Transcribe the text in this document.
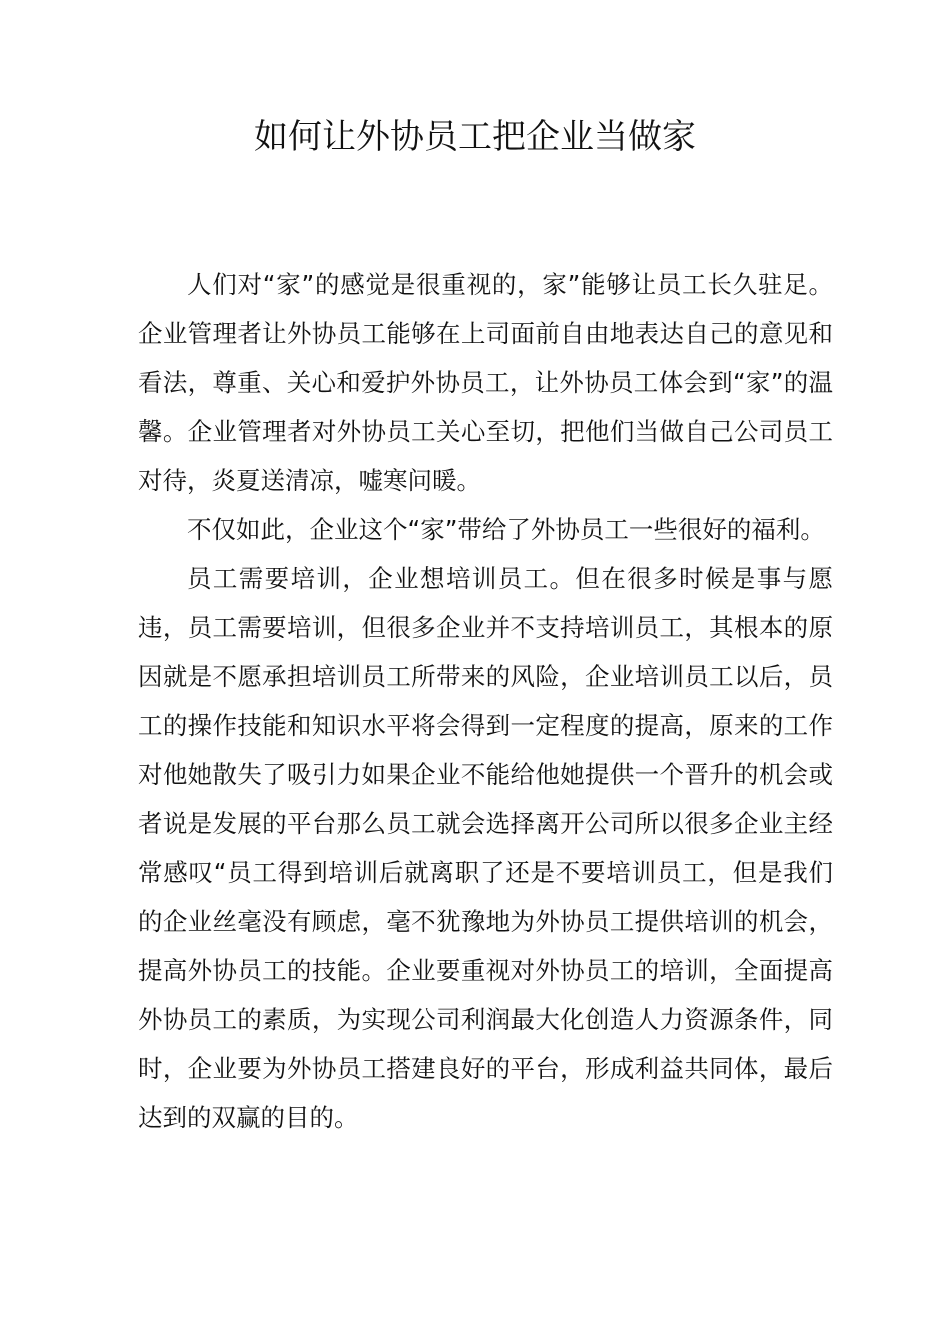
如何让外协员工把企业当做家

人们对“家”的感觉是很重视的，家”能够让员工长久驻足。企业管理者让外协员工能够在上司面前自由地表达自己的意见和看法，尊重、关心和爱护外协员工，让外协员工体会到“家”的温馨。企业管理者对外协员工关心至切，把他们当做自己公司员工对待，炎夏送清凉，嘘寒问暖。

不仅如此，企业这个“家”带给了外协员工一些很好的福利。

员工需要培训，企业想培训员工。但在很多时候是事与愿违，员工需要培训，但很多企业并不支持培训员工，其根本的原因就是不愿承担培训员工所带来的风险，企业培训员工以后，员工的操作技能和知识水平将会得到一定程度的提高，原来的工作对他她散失了吸引力如果企业不能给他她提供一个晋升的机会或者说是发展的平台那么员工就会选择离开公司所以很多企业主经常感叹“员工得到培训后就离职了还是不要培训员工，但是我们的企业丝毫没有顾虑，毫不犹豫地为外协员工提供培训的机会，提高外协员工的技能。企业要重视对外协员工的培训，全面提高外协员工的素质，为实现公司利润最大化创造人力资源条件，同时，企业要为外协员工搭建良好的平台，形成利益共同体，最后达到的双赢的目的。
